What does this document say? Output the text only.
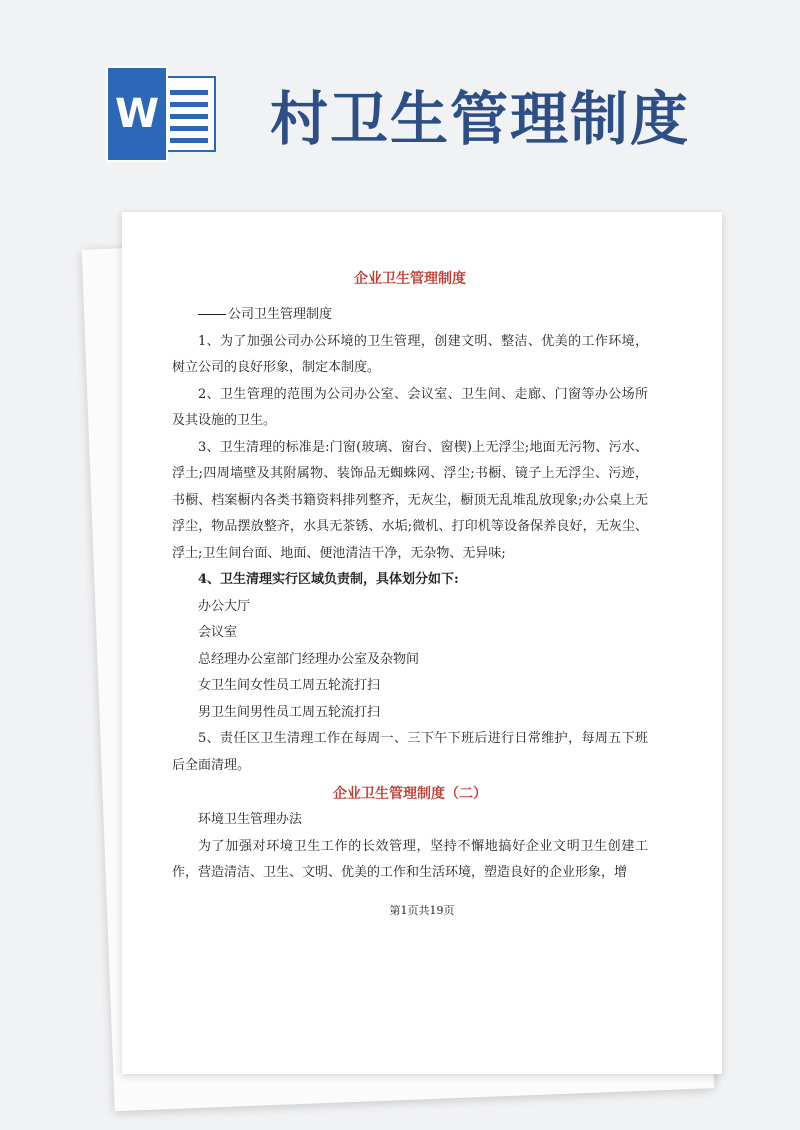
W 村卫生管理制度

企业卫生管理制度

公司卫生管理制度

1、为了加强公司办公环境的卫生管理，创建文明、整洁、优美的工作环境，树立公司的良好形象，制定本制度。

2、卫生管理的范围为公司办公室、会议室、卫生间、走廊、门窗等办公场所及其设施的卫生。

3、卫生清理的标准是:门窗(玻璃、窗台、窗楔)上无浮尘;地面无污物、污水、浮土;四周墙壁及其附属物、装饰品无蜘蛛网、浮尘;书橱、镜子上无浮尘、污迹，书橱、档案橱内各类书籍资料排列整齐，无灰尘，橱顶无乱堆乱放现象;办公桌上无浮尘，物品摆放整齐，水具无茶锈、水垢;微机、打印机等设备保养良好，无灰尘、浮土;卫生间台面、地面、便池清洁干净，无杂物、无异味;

4、卫生清理实行区域负责制，具体划分如下:

办公大厅

会议室

总经理办公室部门经理办公室及杂物间

女卫生间女性员工周五轮流打扫

男卫生间男性员工周五轮流打扫

5、责任区卫生清理工作在每周一、三下午下班后进行日常维护，每周五下班后全面清理。

企业卫生管理制度（二）

环境卫生管理办法

为了加强对环境卫生工作的长效管理，坚持不懈地搞好企业文明卫生创建工作，营造清洁、卫生、文明、优美的工作和生活环境，塑造良好的企业形象，增

第1页共19页
